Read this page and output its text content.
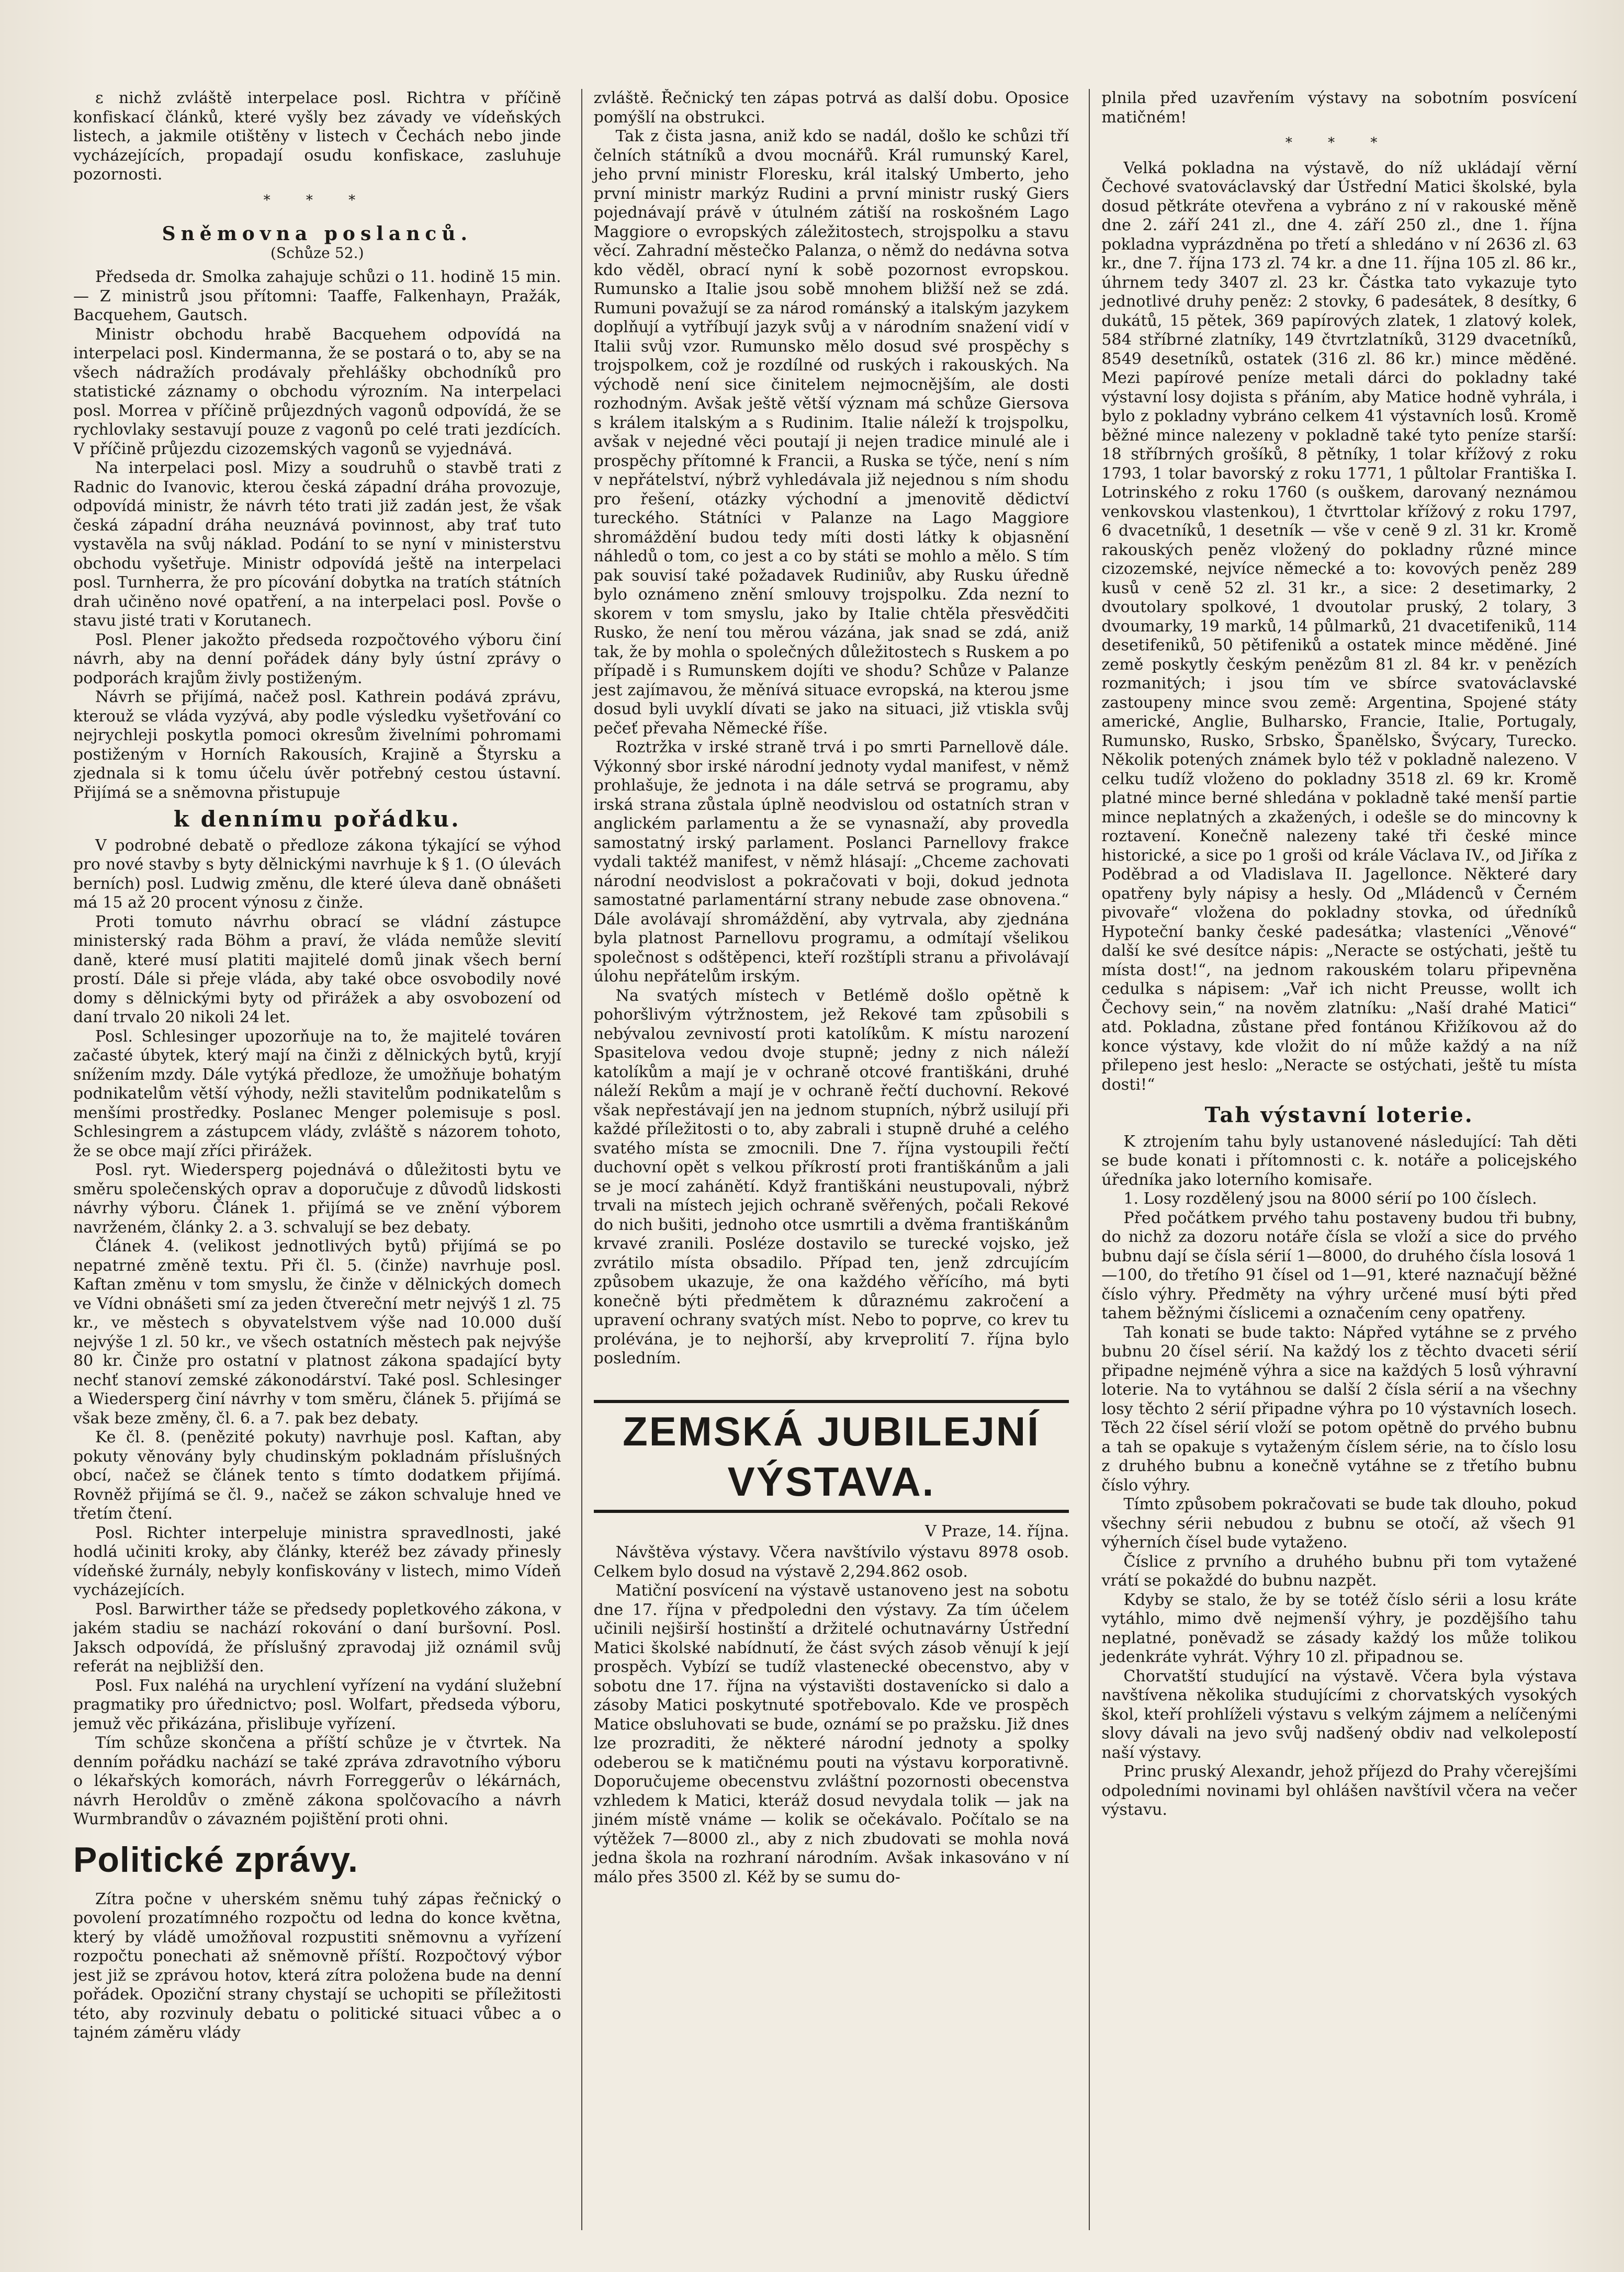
ε nichž zvláště interpelace posl. Richtra v příčině konfiskací článků, které vyšly bez závady ve vídeňských listech, a jakmile otištěny v listech v Čechách nebo jinde vycházejících, propadají osudu konfiskace, zasluhuje pozornosti.

* * *
Sněmovna poslanců.
(Schůze 52.)

Předseda dr. Smolka zahajuje schůzi o 11. hodině 15 min. — Z ministrů jsou přítomni: Taaffe, Falkenhayn, Pražák, Bacquehem, Gautsch.

Ministr obchodu hrabě Bacquehem odpovídá na interpelaci posl. Kindermanna, že se postará o to, aby se na všech nádražích prodávaly přehlášky obchodníků pro statistické záznamy o obchodu výrozním. Na interpelaci posl. Morrea v příčině průjezdných vagonů odpovídá, že se rychlovlaky sestavují pouze z vagonů po celé trati jezdících. V příčině průjezdu cizozemských vagonů se vyjednává.

Na interpelaci posl. Mizy a soudruhů o stavbě trati z Radnic do Ivanovic, kterou česká západní dráha provozuje, odpovídá ministr, že návrh této trati již zadán jest, že však česká západní dráha neuznává povinnost, aby trať tuto vystavěla na svůj náklad. Podání to se nyní v ministerstvu obchodu vyšetřuje. Ministr odpovídá ještě na interpelaci posl. Turnherra, že pro pícování dobytka na tratích státních drah učiněno nové opatření, a na interpelaci posl. Povše o stavu jisté trati v Korutanech.

Posl. Plener jakožto předseda rozpočtového výboru činí návrh, aby na denní pořádek dány byly ústní zprávy o podporách krajům živly postiženým.

Návrh se přijímá, načež posl. Kathrein podává zprávu, kterouž se vláda vyzývá, aby podle výsledku vyšetřování co nejrychleji poskytla pomoci okresům živelními pohromami postiženým v Horních Rakousích, Krajině a Štyrsku a zjednala si k tomu účelu úvěr potřebný cestou ústavní. Přijímá se a sněmovna přistupuje

k dennímu pořádku.

V podrobné debatě o předloze zákona týkající se výhod pro nové stavby s byty dělnickými navrhuje k § 1. (O úlevách berních) posl. Ludwig změnu, dle které úleva daně obnášeti má 15 až 20 procent výnosu z činže.

Proti tomuto návrhu obrací se vládní zástupce ministerský rada Böhm a praví, že vláda nemůže slevití daně, které musí platiti majitelé domů jinak všech berní prostí. Dále si přeje vláda, aby také obce osvobodily nové domy s dělnickými byty od přirážek a aby osvobození od daní trvalo 20 nikoli 24 let.

Posl. Schlesinger upozorňuje na to, že majitelé továren začasté úbytek, který mají na činži z dělnických bytů, kryjí snížením mzdy. Dále vytýká předloze, že umožňuje bohatým podnikatelům větší výhody, nežli stavitelům podnikatelům s menšími prostředky. Poslanec Menger polemisuje s posl. Schlesingrem a zástupcem vlády, zvláště s názorem tohoto, že se obce mají zříci přirážek.

Posl. ryt. Wiedersperg pojednává o důležitosti bytu ve směru společenských oprav a doporučuje z důvodů lidskosti návrhy výboru. Článek 1. přijímá se ve znění výborem navrženém, články 2. a 3. schvalují se bez debaty.

Článek 4. (velikost jednotlivých bytů) přijímá se po nepatrné změně textu. Při čl. 5. (činže) navrhuje posl. Kaftan změnu v tom smyslu, že činže v dělnických domech ve Vídni obnášeti smí za jeden čtvereční metr nejvýš 1 zl. 75 kr., ve městech s obyvatelstvem výše nad 10.000 duší nejvýše 1 zl. 50 kr., ve všech ostatních městech pak nejvýše 80 kr. Činže pro ostatní v platnost zákona spadající byty nechť stanoví zemské zákonodárství. Také posl. Schlesinger a Wiedersperg činí návrhy v tom směru, článek 5. přijímá se však beze změny, čl. 6. a 7. pak bez debaty.

Ke čl. 8. (penězité pokuty) navrhuje posl. Kaftan, aby pokuty věnovány byly chudinským pokladnám příslušných obcí, načež se článek tento s tímto dodatkem přijímá. Rovněž přijímá se čl. 9., načež se zákon schvaluje hned ve třetím čtení.

Posl. Richter interpeluje ministra spravedlnosti, jaké hodlá učiniti kroky, aby články, kteréž bez závady přinesly vídeňské žurnály, nebyly konfiskovány v listech, mimo Vídeň vycházejících.

Posl. Barwirther táže se předsedy popletkového zákona, v jakém stadiu se nachází rokování o daní buršovní. Posl. Jaksch odpovídá, že příslušný zpravodaj již oznámil svůj referát na nejbližší den.

Posl. Fux naléhá na urychlení vyřízení na vydání služební pragmatiky pro úřednictvo; posl. Wolfart, předseda výboru, jemuž věc přikázána, přislibuje vyřízení.

Tím schůze skončena a příští schůze je v čtvrtek. Na denním pořádku nachází se také zpráva zdravotního výboru o lékařských komorách, návrh Forreggerův o lékárnách, návrh Heroldův o změně zákona spolčovacího a návrh Wurmbrandův o závazném pojištění proti ohni.

Politické zprávy.

Zítra počne v uherském sněmu tuhý zápas řečnický o povolení prozatímného rozpočtu od ledna do konce května, který by vládě umožňoval rozpustiti sněmovnu a vyřízení rozpočtu ponechati až sněmovně příští. Rozpočtový výbor jest již se zprávou hotov, která zítra položena bude na denní pořádek. Opoziční strany chystají se uchopiti se příležitosti této, aby rozvinuly debatu o politické situaci vůbec a o tajném záměru vlády

zvláště. Řečnický ten zápas potrvá as další dobu. Oposice pomýšlí na obstrukci.

Tak z čista jasna, aniž kdo se nadál, došlo ke schůzi tří čelních státníků a dvou mocnářů. Král rumunský Karel, jeho první ministr Floresku, král italský Umberto, jeho první ministr markýz Rudini a první ministr ruský Giers pojednávají právě v útulném zátiší na roskošném Lago Maggiore o evropských záležitostech, strojspolku a stavu věcí. Zahradní městečko Palanza, o němž do nedávna sotva kdo věděl, obrací nyní k sobě pozornost evropskou. Rumunsko a Italie jsou sobě mnohem bližší než se zdá. Rumuni považují se za národ románský a italským jazykem doplňují a vytříbují jazyk svůj a v národním snažení vidí v Italii svůj vzor. Rumunsko mělo dosud své prospěchy s trojspolkem, což je rozdílné od ruských i rakouských. Na východě není sice činitelem nejmocnějším, ale dosti rozhodným. Avšak ještě větší význam má schůze Giersova s králem italským a s Rudinim. Italie náleží k trojspolku, avšak v nejedné věci poutají ji nejen tradice minulé ale i prospěchy přítomné k Francii, a Ruska se týče, není s ním v nepřátelství, nýbrž vyhledávala již nejednou s ním shodu pro řešení, otázky východní a jmenovitě dědictví tureckého. Státníci v Palanze na Lago Maggiore shromáždění budou tedy míti dosti látky k objasnění náhledů o tom, co jest a co by státi se mohlo a mělo. S tím pak souvisí také požadavek Rudiniův, aby Rusku úředně bylo oznámeno znění smlouvy trojspolku. Zda nezní to skorem v tom smyslu, jako by Italie chtěla přesvědčiti Rusko, že není tou měrou vázána, jak snad se zdá, aniž tak, že by mohla o společných důležitostech s Ruskem a po případě i s Rumunskem dojíti ve shodu? Schůze v Palanze jest zajímavou, že měnívá situace evropská, na kterou jsme dosud byli uvyklí dívati se jako na situaci, již vtiskla svůj pečeť převaha Německé říše.

Roztržka v irské straně trvá i po smrti Parnellově dále. Výkonný sbor irské národní jednoty vydal manifest, v němž prohlašuje, že jednota i na dále setrvá se programu, aby irská strana zůstala úplně neodvislou od ostatních stran v anglickém parlamentu a že se vynasnaží, aby provedla samostatný irský parlament. Poslanci Parnellovy frakce vydali taktéž manifest, v němž hlásají: „Chceme zachovati národní neodvislost a pokračovati v boji, dokud jednota samostatné parlamentární strany nebude zase obnovena.“ Dále avolávají shromáždění, aby vytrvala, aby zjednána byla platnost Parnellovu programu, a odmítají všelikou společnost s odštěpenci, kteří rozštípli stranu a přivolávají úlohu nepřátelům irským.

Na svatých místech v Betlémě došlo opětně k pohoršlivým výtržnostem, jež Rekové tam způsobili s nebývalou zevnivostí proti katolíkům. K místu narození Spasitelova vedou dvoje stupně; jedny z nich náleží katolíkům a mají je v ochraně otcové františkáni, druhé náleží Rekům a mají je v ochraně řečtí duchovní. Rekové však nepřestávají jen na jednom stupních, nýbrž usilují při každé příležitosti o to, aby zabrali i stupně druhé a celého svatého místa se zmocnili. Dne 7. října vystoupili řečtí duchovní opět s velkou příkrostí proti františkánům a jali se je mocí zahánětí. Když františkáni neustupovali, nýbrž trvali na místech jejich ochraně svěřených, počali Rekové do nich bušiti, jednoho otce usmrtili a dvěma františkánům krvavé zranili. Posléze dostavilo se turecké vojsko, jež zvrátilo místa obsadilo. Případ ten, jenž zdrcujícím způsobem ukazuje, že ona každého věřícího, má byti konečně býti předmětem k důraznému zakročení a upravení ochrany svatých míst. Nebo to poprve, co krev tu prolévána, je to nejhorší, aby krveprolití 7. října bylo posledním.

ZEMSKÁ JUBILEJNÍ VÝSTAVA.
V Praze, 14. října.

Návštěva výstavy. Včera navštívilo výstavu 8978 osob. Celkem bylo dosud na výstavě 2,294.862 osob.

Matiční posvícení na výstavě ustanoveno jest na sobotu dne 17. října v předpoledni den výstavy. Za tím účelem učinili nejširší hostinští a držitelé ochutnavárny Ústřední Matici školské nabídnutí, že část svých zásob věnují k její prospěch. Vybízí se tudíž vlastenecké obecenstvo, aby v sobotu dne 17. října na výstavišti dostavenícko si dalo a zásoby Matici poskytnuté spotřebovalo. Kde ve prospěch Matice obsluhovati se bude, oznámí se po pražsku. Již dnes lze prozraditi, že některé národní jednoty a spolky odeberou se k matičnému pouti na výstavu korporativně. Doporučujeme obecenstvu zvláštní pozornosti obecenstva vzhledem k Matici, kteráž dosud nevydala tolik — jak na jiném místě vnáme — kolik se očekávalo. Počítalo se na výtěžek 7—8000 zl., aby z nich zbudovati se mohla nová jedna škola na rozhraní národním. Avšak inkasováno v ní málo přes 3500 zl. Kéž by se sumu do-

plnila před uzavřením výstavy na sobotním posvícení matičném!

* * *

Velká pokladna na výstavě, do níž ukládají věrní Čechové svatováclavský dar Ústřední Matici školské, byla dosud pětkráte otevřena a vybráno z ní v rakouské měně dne 2. září 241 zl., dne 4. září 250 zl., dne 1. října pokladna vyprázdněna po třetí a shledáno v ní 2636 zl. 63 kr., dne 7. října 173 zl. 74 kr. a dne 11. října 105 zl. 86 kr., úhrnem tedy 3407 zl. 23 kr. Částka tato vykazuje tyto jednotlivé druhy peněz: 2 stovky, 6 padesátek, 8 desítky, 6 dukátů, 15 pětek, 369 papírových zlatek, 1 zlatový kolek, 584 stříbrné zlatníky, 149 čtvrtzlatníků, 3129 dvacetníků, 8549 desetníků, ostatek (316 zl. 86 kr.) mince měděné. Mezi papírové peníze metali dárci do pokladny také výstavní losy dojista s přáním, aby Matice hodně vyhrála, i bylo z pokladny vybráno celkem 41 výstavních losů. Kromě běžné mince nalezeny v pokladně také tyto peníze starší: 18 stříbrných grošíků, 8 pětníky, 1 tolar křížový z roku 1793, 1 tolar bavorský z roku 1771, 1 půltolar Františka I. Lotrinského z roku 1760 (s ouškem, darovaný neznámou venkovskou vlastenkou), 1 čtvrttolar křížový z roku 1797, 6 dvacetníků, 1 desetník — vše v ceně 9 zl. 31 kr. Kromě rakouských peněz vložený do pokladny různé mince cizozemské, nejvíce německé a to: kovových peněz 289 kusů v ceně 52 zl. 31 kr., a sice: 2 desetimarky, 2 dvoutolary spolkové, 1 dvoutolar pruský, 2 tolary, 3 dvoumarky, 19 marků, 14 půlmarků, 21 dvacetifeniků, 114 desetifeniků, 50 pětifeniků a ostatek mince měděné. Jiné země poskytly českým penězům 81 zl. 84 kr. v penězích rozmanitých; i jsou tím ve sbírce svatováclavské zastoupeny mince svou země: Argentina, Spojené státy americké, Anglie, Bulharsko, Francie, Italie, Portugaly, Rumunsko, Rusko, Srbsko, Španělsko, Švýcary, Turecko. Několik potených známek bylo též v pokladně nalezeno. V celku tudíž vloženo do pokladny 3518 zl. 69 kr. Kromě platné mince berné shledána v pokladně také menší partie mince neplatných a zkažených, i odešle se do mincovny k roztavení. Konečně nalezeny také tři české mince historické, a sice po 1 groši od krále Václava IV., od Jiříka z Poděbrad a od Vladislava II. Jagellonce. Některé dary opatřeny byly nápisy a hesly. Od „Mládenců v Černém pivovaře“ vložena do pokladny stovka, od úředníků Hypoteční banky české padesátka; vlasteníci „Věnové“ další ke své desítce nápis: „Neracte se ostýchati, ještě tu místa dost!“, na jednom rakouském tolaru připevněna cedulka s nápisem: „Vař ich nicht Preusse, wollt ich Čechovy sein,“ na nověm zlatníku: „Naší drahé Matici“ atd. Pokladna, zůstane před fontánou Křižíkovou až do konce výstavy, kde vložit do ní může každý a na níž přilepeno jest heslo: „Neracte se ostýchati, ještě tu místa dosti!“

Tah výstavní loterie.

K ztrojením tahu byly ustanovené následující: Tah děti se bude konati i přítomnosti c. k. notáře a policejského úředníka jako loterního komisaře.

1. Losy rozdělený jsou na 8000 sérií po 100 číslech.

Před počátkem prvého tahu postaveny budou tři bubny, do nichž za dozoru notáře čísla se vloží a sice do prvého bubnu dají se čísla sérií 1—8000, do druhého čísla losová 1—100, do třetího 91 čísel od 1—91, které naznačují běžné číslo výhry. Předměty na výhry určené musí býti před tahem běžnými číslicemi a označením ceny opatřeny.

Tah konati se bude takto: Nápřed vytáhne se z prvého bubnu 20 čísel sérií. Na každý los z těchto dvaceti sérií připadne nejméně výhra a sice na každých 5 losů výhravní loterie. Na to vytáhnou se další 2 čísla sérií a na všechny losy těchto 2 sérií připadne výhra po 10 výstavních losech. Těch 22 čísel sérií vloží se potom opětně do prvého bubnu a tah se opakuje s vytaženým číslem série, na to číslo losu z druhého bubnu a konečně vytáhne se z třetího bubnu číslo výhry.

Tímto způsobem pokračovati se bude tak dlouho, pokud všechny sérii nebudou z bubnu se otočí, až všech 91 výherních čísel bude vytaženo.

Číslice z prvního a druhého bubnu při tom vytažené vrátí se pokaždé do bubnu nazpět.

Kdyby se stalo, že by se totéž číslo sérii a losu kráte vytáhlo, mimo dvě nejmenší výhry, je pozdějšího tahu neplatné, poněvadž se zásady každý los může tolikou jedenkráte vyhrát. Výhry 10 zl. připadnou se.

Chorvatští studující na výstavě. Včera byla výstava navštívena několika studujícími z chorvatských vysokých škol, kteří prohlíželi výstavu s velkým zájmem a nelíčenými slovy dávali na jevo svůj nadšený obdiv nad velkolepostí naší výstavy.

Princ pruský Alexandr, jehož příjezd do Prahy včerejšími odpoledními novinami byl ohlášen navštívil včera na večer výstavu.
